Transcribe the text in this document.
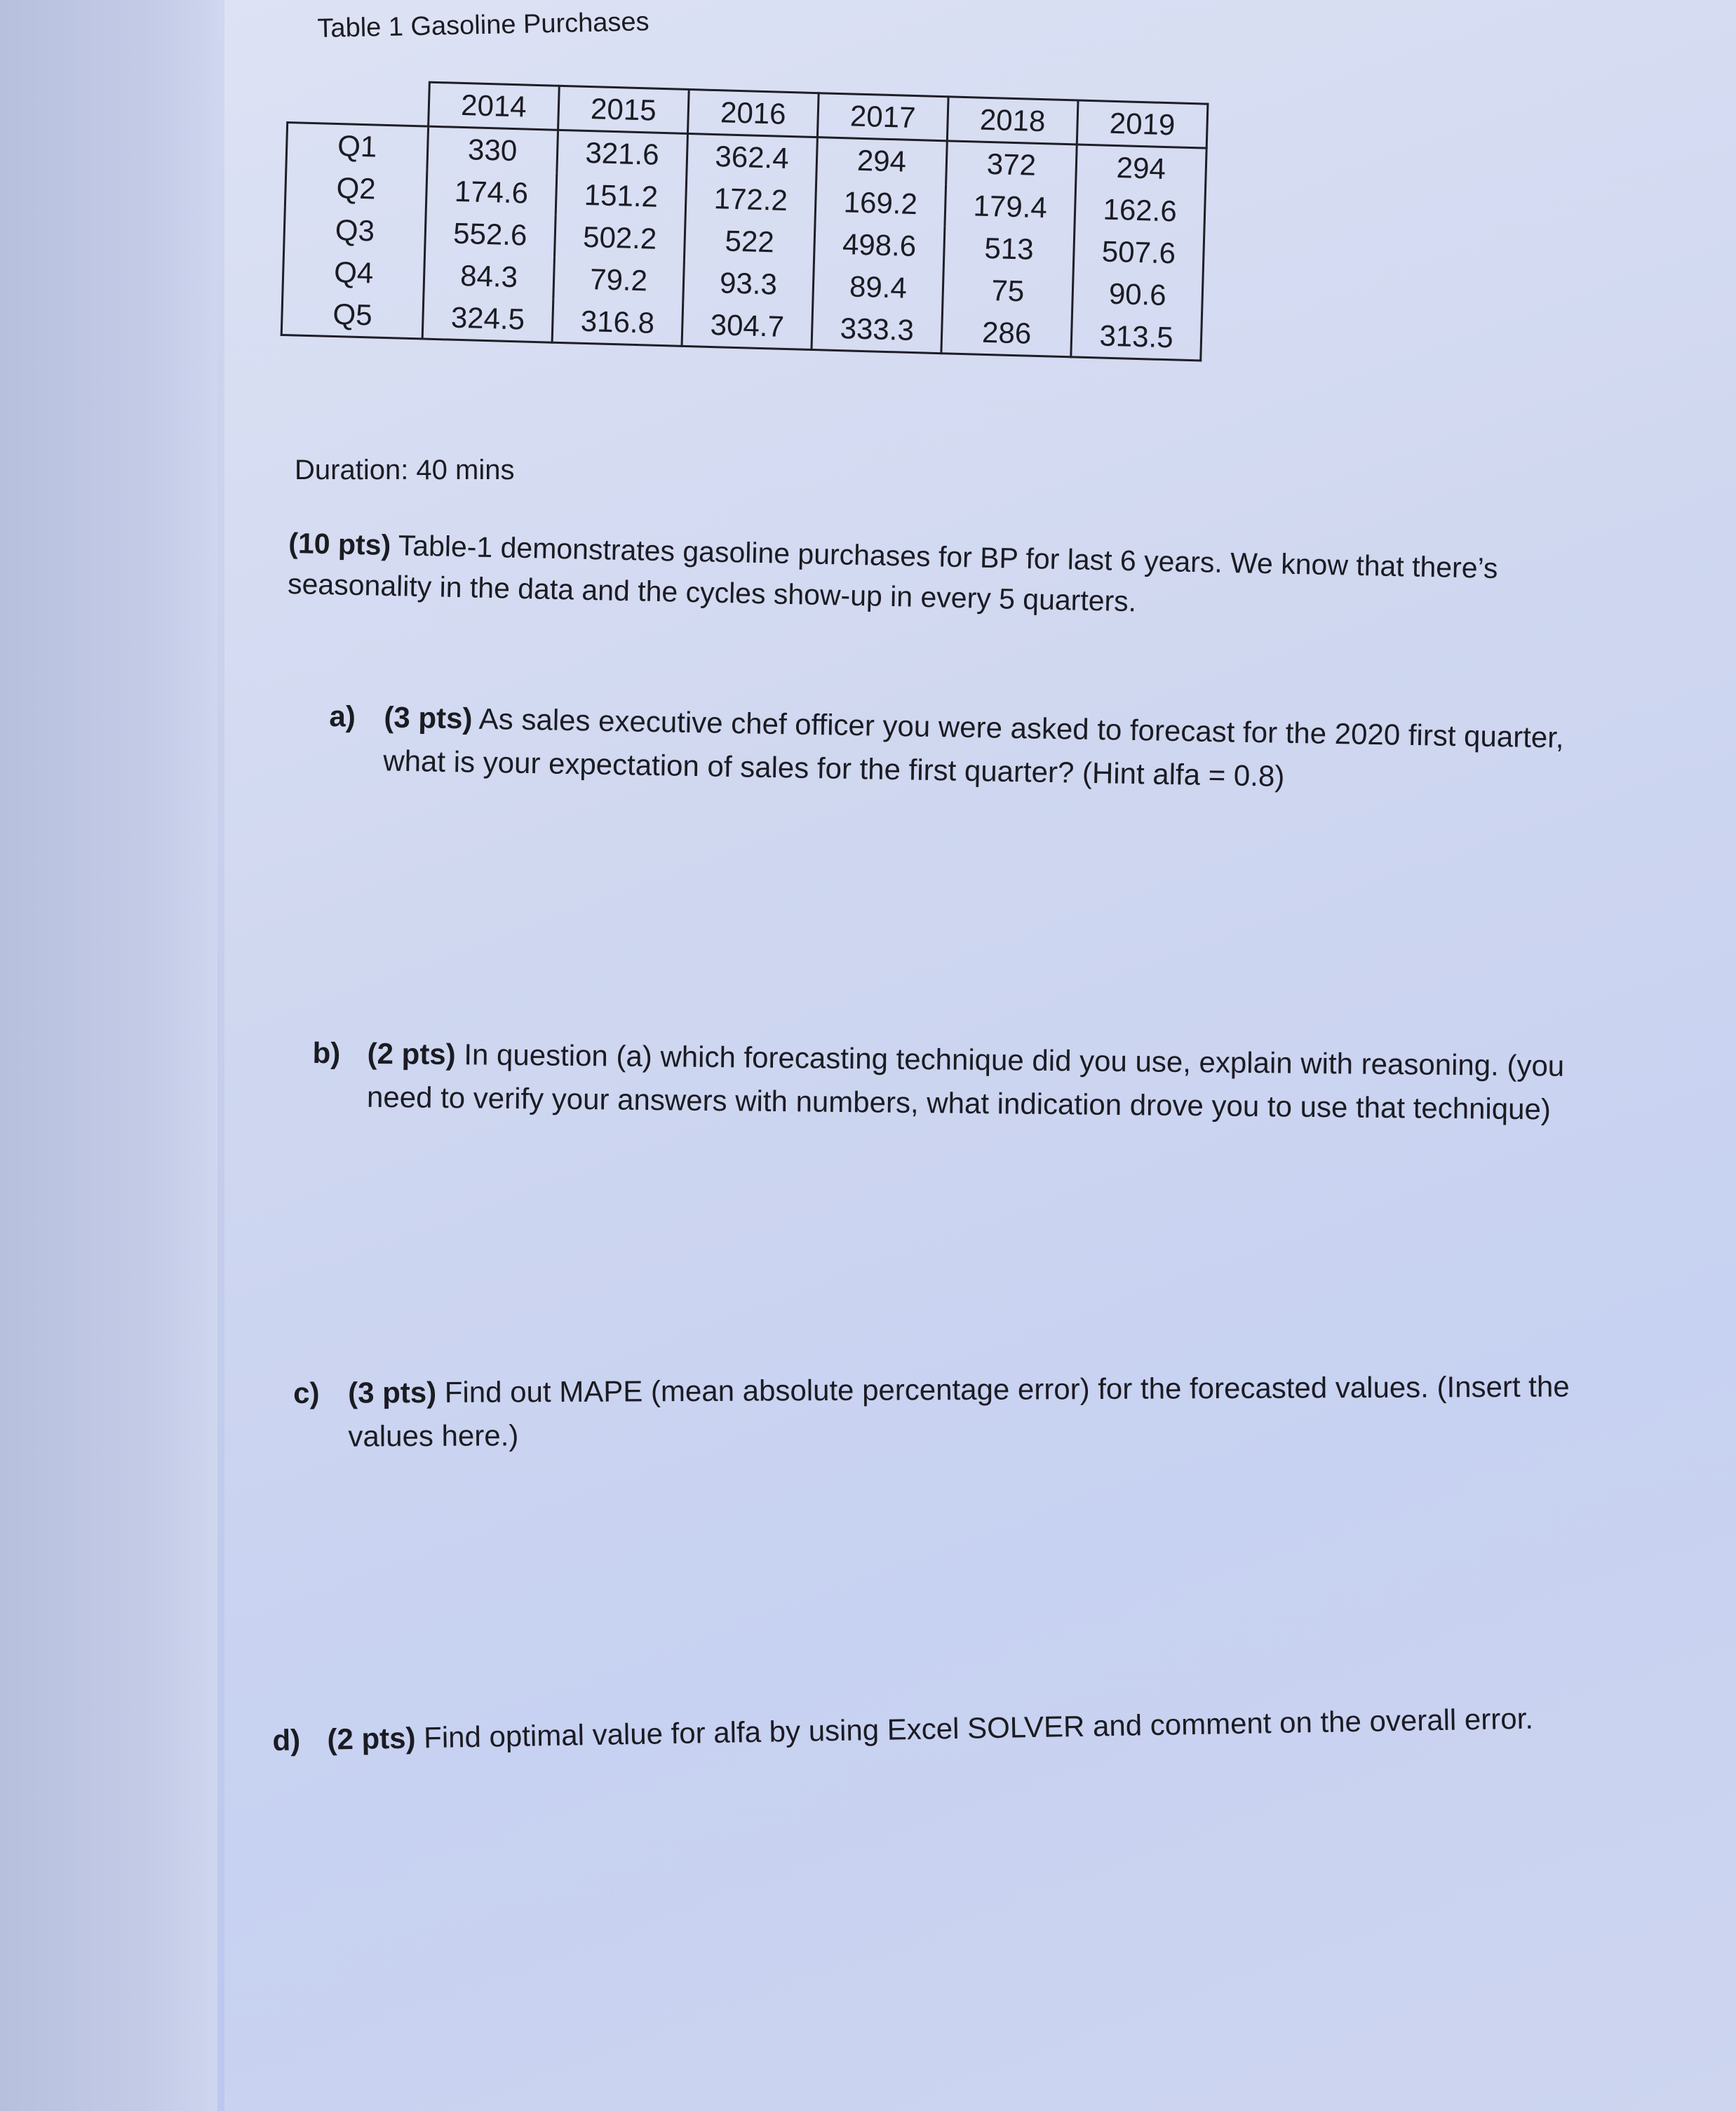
Table 1 Gasoline Purchases
	2014	2015	2016	2017	2018	2019
Q1	330	321.6	362.4	294	372	294
Q2	174.6	151.2	172.2	169.2	179.4	162.6
Q3	552.6	502.2	522	498.6	513	507.6
Q4	84.3	79.2	93.3	89.4	75	90.6
Q5	324.5	316.8	304.7	333.3	286	313.5
Duration: 40 mins
(10 pts) Table-1 demonstrates gasoline purchases for BP for last 6 years. We know that there’s seasonality in the data and the cycles show-up in every 5 quarters.
a) (3 pts) As sales executive chef officer you were asked to forecast for the 2020 first quarter, what is your expectation of sales for the first quarter? (Hint alfa = 0.8)
b) (2 pts) In question (a) which forecasting technique did you use, explain with reasoning. (you need to verify your answers with numbers, what indication drove you to use that technique)
c) (3 pts) Find out MAPE (mean absolute percentage error) for the forecasted values. (Insert the values here.)
d) (2 pts) Find optimal value for alfa by using Excel SOLVER and comment on the overall error.
